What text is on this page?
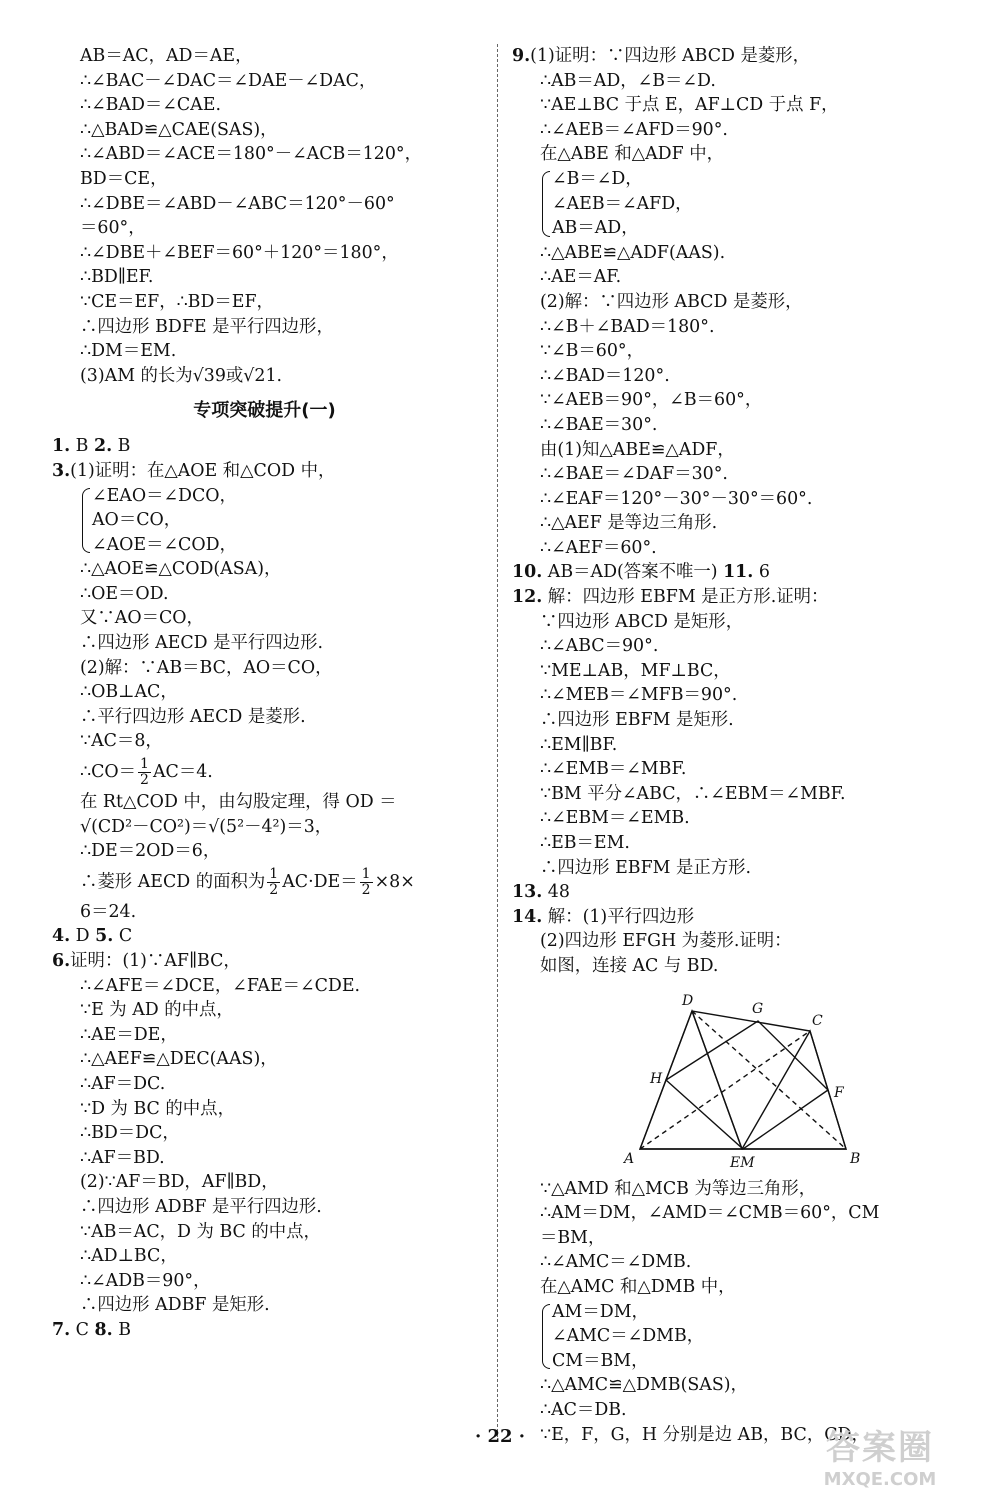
AB＝AC，AD＝AE，
∴∠BAC－∠DAC＝∠DAE－∠DAC，
∴∠BAD＝∠CAE.
∴△BAD≌△CAE(SAS)，
∴∠ABD＝∠ACE＝180°－∠ACB＝120°，
BD＝CE，
∴∠DBE＝∠ABD－∠ABC＝120°－60°
＝60°，
∴∠DBE＋∠BEF＝60°＋120°＝180°，
∴BD∥EF.
∵CE＝EF，∴BD＝EF，
∴四边形 BDFE 是平行四边形，
∴DM＝EM.
(3)AM 的长为√39或√21.
专项突破提升(一)
1. B 2. B
3.(1)证明：在△AOE 和△COD 中，
∠EAO＝∠DCO，
AO＝CO，
∠AOE＝∠COD，
∴△AOE≌△COD(ASA)，
∴OE＝OD.
又∵AO＝CO，
∴四边形 AECD 是平行四边形.
(2)解：∵AB＝BC，AO＝CO，
∴OB⊥AC，
∴平行四边形 AECD 是菱形.
∵AC＝8，
∴CO＝ $\frac{1}{2} AC=4$.
在 Rt△COD 中，由勾股定理，得 OD ＝
√(CD²－CO²)＝√(5²－4²)＝3，
∴DE＝2OD＝6，
∴菱形 AECD 的面积为 $\frac{1}{2} AC\cdot DE= \frac{1}{2} \times 8\times$
6＝24.
4. D 5. C
6.证明：(1)∵AF∥BC，
∴∠AFE＝∠DCE，∠FAE＝∠CDE.
∵E 为 AD 的中点，
∴AE＝DE，
∴△AEF≌△DEC(AAS)，
∴AF＝DC.
∵D 为 BC 的中点，
∴BD＝DC，
∴AF＝BD.
(2)∵AF＝BD，AF∥BD，
∴四边形 ADBF 是平行四边形.
∵AB＝AC，D 为 BC 的中点，
∴AD⊥BC，
∴∠ADB＝90°，
∴四边形 ADBF 是矩形.
7. C 8. B
9.(1)证明：∵四边形 ABCD 是菱形，
∴AB＝AD，∠B＝∠D.
∵AE⊥BC 于点 E，AF⊥CD 于点 F，
∴∠AEB＝∠AFD＝90°.
在△ABE 和△ADF 中，
∠B＝∠D，
∠AEB＝∠AFD，
AB＝AD，
∴△ABE≌△ADF(AAS).
∴AE＝AF.
(2)解：∵四边形 ABCD 是菱形，
∴∠B＋∠BAD＝180°.
∵∠B＝60°，
∴∠BAD＝120°.
∵∠AEB＝90°，∠B＝60°，
∴∠BAE＝30°.
由(1)知△ABE≌△ADF，
∴∠BAE＝∠DAF＝30°.
∴∠EAF＝120°－30°－30°＝60°.
∴△AEF 是等边三角形.
∴∠AEF＝60°.
10. AB＝AD(答案不唯一) 11. 6
12. 解：四边形 EBFM 是正方形.证明：
∵四边形 ABCD 是矩形，
∴∠ABC＝90°.
∵ME⊥AB，MF⊥BC，
∴∠MEB＝∠MFB＝90°.
∴四边形 EBFM 是矩形.
∴EM∥BF.
∴∠EMB＝∠MBF.
∵BM 平分∠ABC，∴∠EBM＝∠MBF.
∴∠EBM＝∠EMB.
∴EB＝EM.
∴四边形 EBFM 是正方形.
13. 48
14. 解：(1)平行四边形
(2)四边形 EFGH 为菱形.证明：
如图，连接 AC 与 BD.
D	G
C
H
F
A	EM	B
∵△AMD 和△MCB 为等边三角形，
∴AM＝DM，∠AMD＝∠CMB＝60°，CM
＝BM，
∴∠AMC＝∠DMB.
在△AMC 和△DMB 中，
AM＝DM，
∠AMC＝∠DMB，
CM＝BM，
∴△AMC≌△DMB(SAS)，
∴AC＝DB.
∵E，F，G，H 分别是边 AB，BC，CD，
· 22 ·	答案圈
MXQE.COM
